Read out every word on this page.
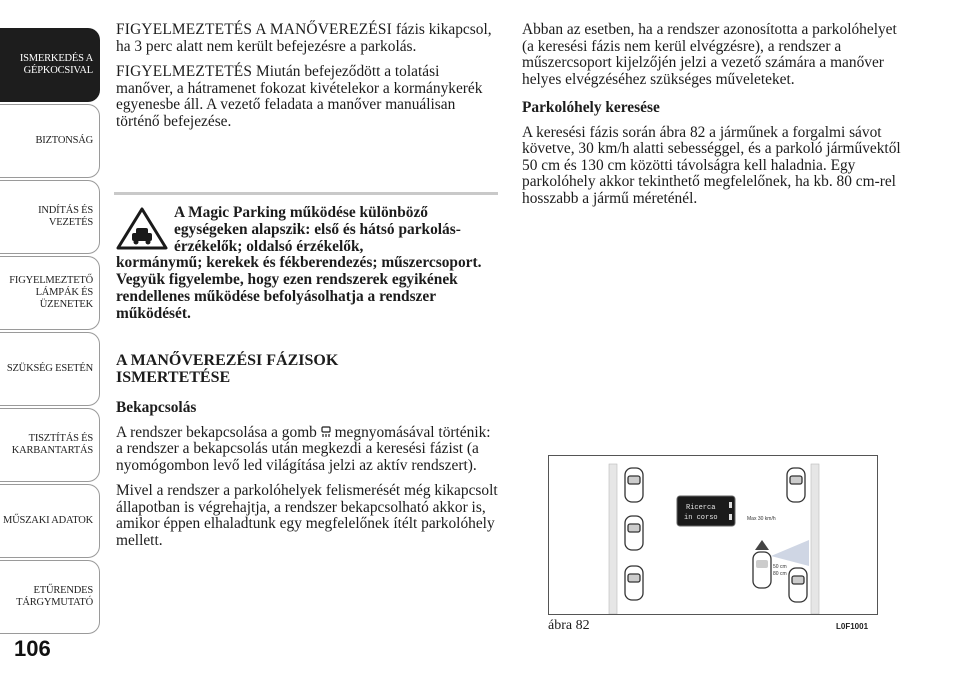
ISMERKEDÉS A
GÉPKOCSIVAL
BIZTONSÁG
INDÍTÁS ÉS
VEZETÉS
FIGYELMEZTETŐ
LÁMPÁK ÉS
ÜZENETEK
SZÜKSÉG ESETÉN
TISZTÍTÁS ÉS
KARBANTARTÁS
MŰSZAKI ADATOK
ETŰRENDES
TÁRGYMUTATÓ
106

FIGYELMEZTETÉS A MANŐVEREZÉSI fázis kikapcsol, ha 3 perc alatt nem került befejezésre a parkolás.

FIGYELMEZTETÉS Miután befejeződött a tolatási manőver, a hátramenet fokozat kivételekor a kormánykerék egyenesbe áll. A vezető feladata a manőver manuálisan történő befejezése.

A Magic Parking működése különböző egységeken alapszik: első és hátsó parkolás-érzékelők; oldalsó érzékelők,
kormánymű; kerekek és fékberendezés; műszercsoport. Vegyük figyelembe, hogy ezen rendszerek egyikének rendellenes működése befolyásolhatja a rendszer működését.
A MANŐVEREZÉSI FÁZISOK
ISMERTETÉSE
Bekapcsolás

A rendszer bekapcsolása a gomb  megnyomásával történik: a rendszer a bekapcsolás után megkezdi a keresési fázist (a nyomógombon levő led világítása jelzi az aktív rendszert).

Mivel a rendszer a parkolóhelyek felismerését még kikapcsolt állapotban is végrehajtja, a rendszer bekapcsolható akkor is, amikor éppen elhaladtunk egy megfelelőnek ítélt parkolóhely mellett.

Abban az esetben, ha a rendszer azonosította a parkolóhelyet (a keresési fázis nem kerül elvégzésre), a rendszer a műszercsoport kijelzőjén jelzi a vezető számára a manőver helyes elvégzéséhez szükséges műveleteket.

Parkolóhely keresése

A keresési fázis során ábra 82 a járműnek a forgalmi sávot követve, 30 km/h alatti sebességgel, és a parkoló járművektől 50 cm és 130 cm közötti távolságra kell haladnia. Egy parkolóhely akkor tekinthető megfelelőnek, ha kb. 80 cm-rel hosszabb a jármű méreténél.

Ricerca
in corso	Max 30 km/h
50 cm
80 cm
ábra 82	L0F1001
